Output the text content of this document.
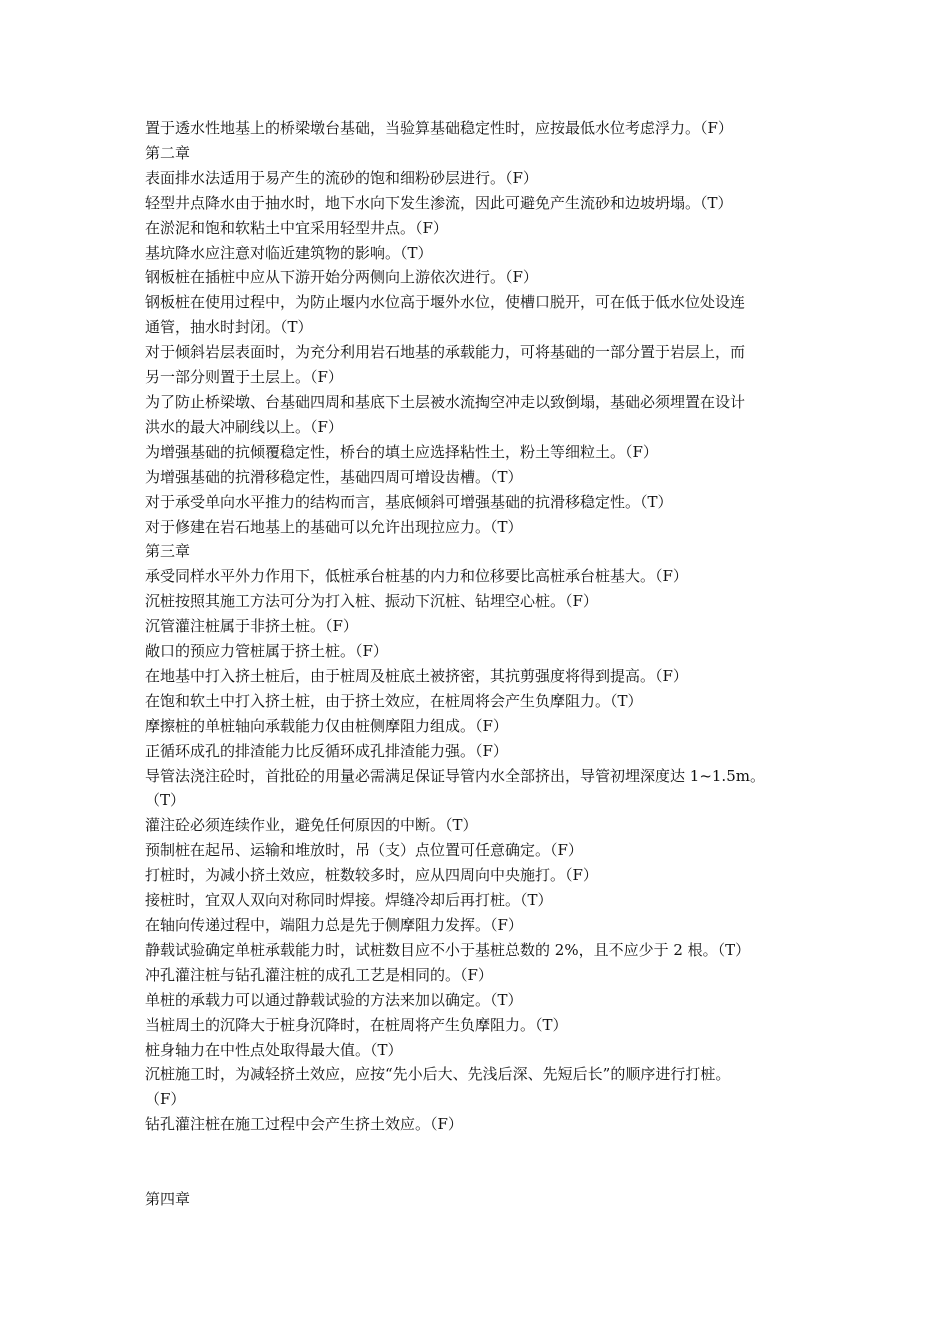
置于透水性地基上的桥梁墩台基础，当验算基础稳定性时，应按最低水位考虑浮力。（F）
第二章
表面排水法适用于易产生的流砂的饱和细粉砂层进行。（F）
轻型井点降水由于抽水时，地下水向下发生渗流，因此可避免产生流砂和边坡坍塌。（T）
在淤泥和饱和软粘土中宜采用轻型井点。（F）
基坑降水应注意对临近建筑物的影响。（T）
钢板桩在插桩中应从下游开始分两侧向上游依次进行。（F）
钢板桩在使用过程中，为防止堰内水位高于堰外水位，使槽口脱开，可在低于低水位处设连
通管，抽水时封闭。（T）
对于倾斜岩层表面时，为充分利用岩石地基的承载能力，可将基础的一部分置于岩层上，而
另一部分则置于土层上。（F）
为了防止桥梁墩、台基础四周和基底下土层被水流掏空冲走以致倒塌，基础必须埋置在设计
洪水的最大冲刷线以上。（F）
为增强基础的抗倾覆稳定性，桥台的填土应选择粘性土，粉土等细粒土。（F）
为增强基础的抗滑移稳定性，基础四周可增设齿槽。（T）
对于承受单向水平推力的结构而言，基底倾斜可增强基础的抗滑移稳定性。（T）
对于修建在岩石地基上的基础可以允许出现拉应力。（T）
第三章
承受同样水平外力作用下，低桩承台桩基的内力和位移要比高桩承台桩基大。（F）
沉桩按照其施工方法可分为打入桩、振动下沉桩、钻埋空心桩。（F）
沉管灌注桩属于非挤土桩。（F）
敞口的预应力管桩属于挤土桩。（F）
在地基中打入挤土桩后，由于桩周及桩底土被挤密，其抗剪强度将得到提高。（F）
在饱和软土中打入挤土桩，由于挤土效应，在桩周将会产生负摩阻力。（T）
摩擦桩的单桩轴向承载能力仅由桩侧摩阻力组成。（F）
正循环成孔的排渣能力比反循环成孔排渣能力强。（F）
导管法浇注砼时，首批砼的用量必需满足保证导管内水全部挤出，导管初埋深度达 1~1.5m。
（T）
灌注砼必须连续作业，避免任何原因的中断。（T）
预制桩在起吊、运输和堆放时，吊（支）点位置可任意确定。（F）
打桩时，为减小挤土效应，桩数较多时，应从四周向中央施打。（F）
接桩时，宜双人双向对称同时焊接。焊缝冷却后再打桩。（T）
在轴向传递过程中，端阻力总是先于侧摩阻力发挥。（F）
静载试验确定单桩承载能力时，试桩数目应不小于基桩总数的 2%，且不应少于 2 根。（T）
冲孔灌注桩与钻孔灌注桩的成孔工艺是相同的。（F）
单桩的承载力可以通过静载试验的方法来加以确定。（T）
当桩周土的沉降大于桩身沉降时，在桩周将产生负摩阻力。（T）
桩身轴力在中性点处取得最大值。（T）
沉桩施工时，为减轻挤土效应，应按“先小后大、先浅后深、先短后长”的顺序进行打桩。
（F）
钻孔灌注桩在施工过程中会产生挤土效应。（F）
第四章
